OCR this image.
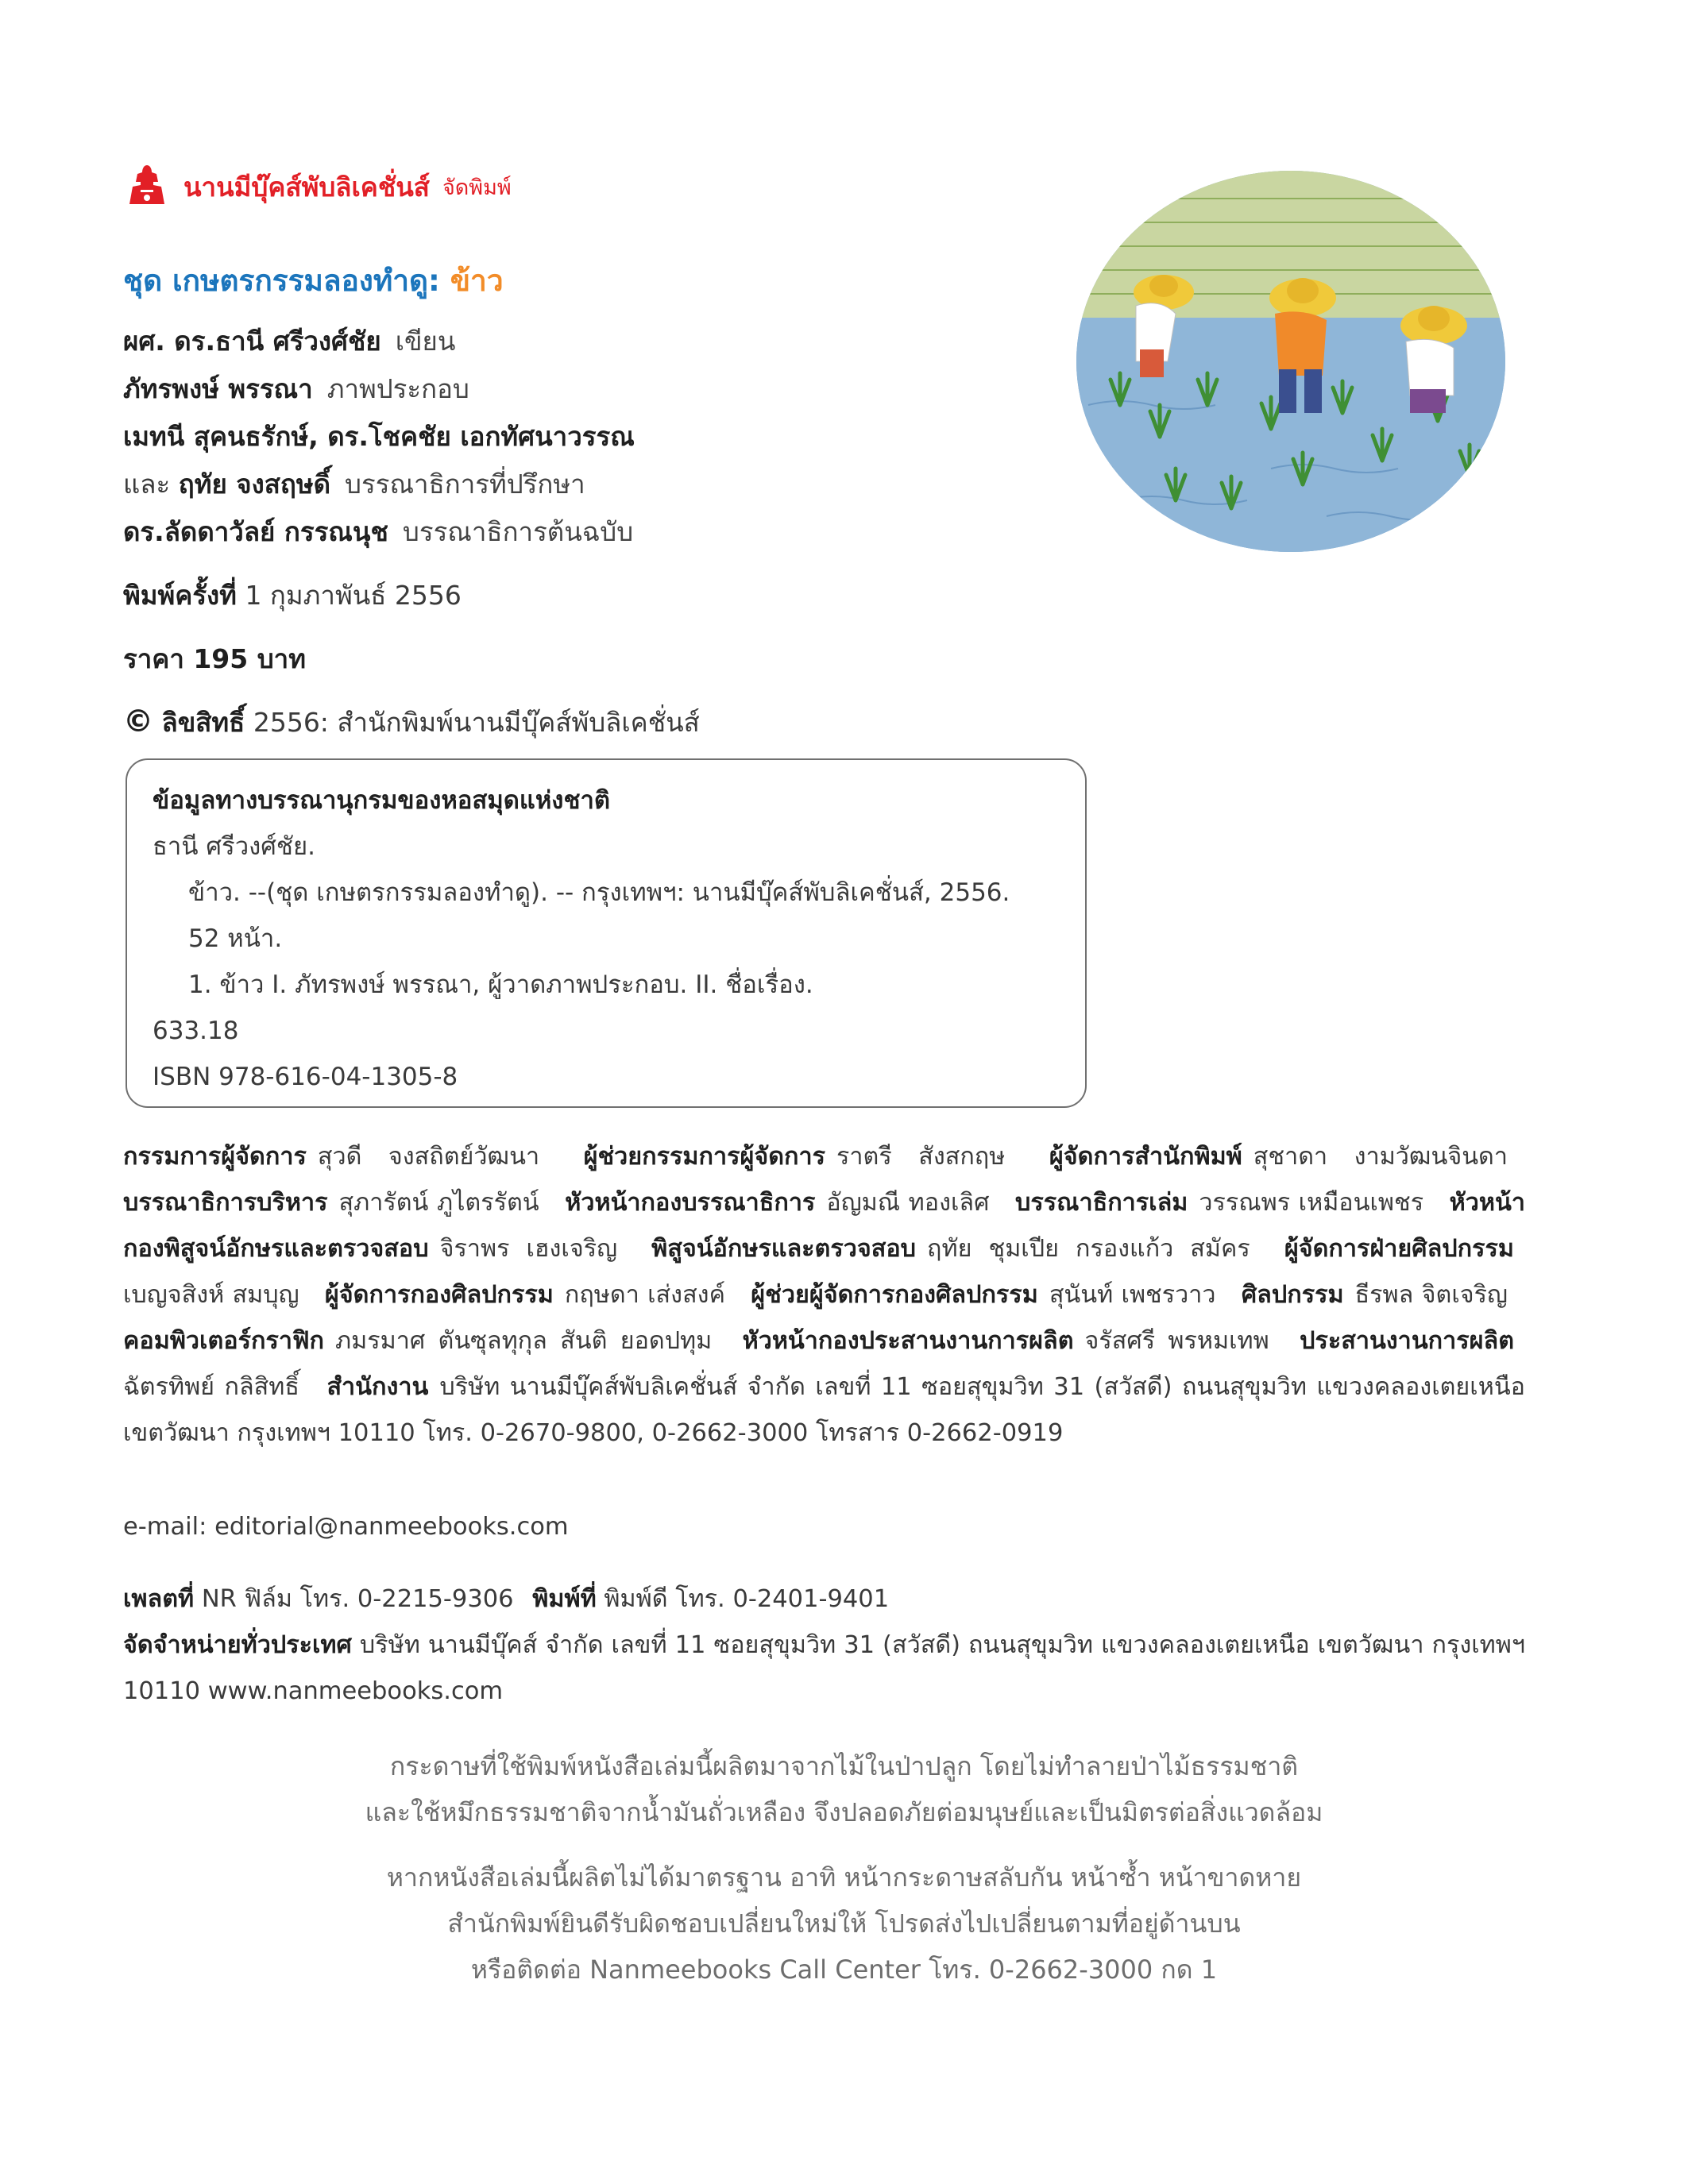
นานมีบุ๊คส์พับลิเคชั่นส์ จัดพิมพ์
ชุด เกษตรกรรมลองทำดู: ข้าว
ผศ. ดร.ธานี ศรีวงศ์ชัย เขียน
ภัทรพงษ์ พรรณา ภาพประกอบ
เมทนี สุคนธรักษ์, ดร.โชคชัย เอกทัศนาวรรณ
และ ฤทัย จงสฤษดิ์ บรรณาธิการที่ปรึกษา
ดร.ลัดดาวัลย์ กรรณนุช บรรณาธิการต้นฉบับ
พิมพ์ครั้งที่ 1 กุมภาพันธ์ 2556
ราคา 195 บาท
© ลิขสิทธิ์ 2556: สำนักพิมพ์นานมีบุ๊คส์พับลิเคชั่นส์
ข้อมูลทางบรรณานุกรมของหอสมุดแห่งชาติ
ธานี ศรีวงศ์ชัย.
ข้าว. --(ชุด เกษตรกรรมลองทำดู). -- กรุงเทพฯ: นานมีบุ๊คส์พับลิเคชั่นส์, 2556.
52 หน้า.
1. ข้าว I. ภัทรพงษ์ พรรณา, ผู้วาดภาพประกอบ. II. ชื่อเรื่อง.
633.18
ISBN 978-616-04-1305-8
กรรมการผู้จัดการ สุวดี จงสถิตย์วัฒนา ผู้ช่วยกรรมการผู้จัดการ ราตรี สังสกฤษ ผู้จัดการสำนักพิมพ์ สุชาดา งามวัฒนจินดา บรรณาธิการบริหาร สุภารัตน์ ภูไตรรัตน์ หัวหน้ากองบรรณาธิการ อัญมณี ทองเลิศ บรรณาธิการเล่ม วรรณพร เหมือนเพชร หัวหน้ากองพิสูจน์อักษรและตรวจสอบ จิราพร เฮงเจริญ พิสูจน์อักษรและตรวจสอบ ฤทัย ชุมเปีย กรองแก้ว สมัคร ผู้จัดการฝ่ายศิลปกรรมเบญจสิงห์ สมบุญ ผู้จัดการกองศิลปกรรม กฤษดา เส่งสงค์ ผู้ช่วยผู้จัดการกองศิลปกรรม สุนันท์ เพชรวาว ศิลปกรรม ธีรพล จิตเจริญ คอมพิวเตอร์กราฟิก ภมรมาศ ตันซุลทุกุล สันติ ยอดปทุม หัวหน้ากองประสานงานการผลิต จรัสศรี พรหมเทพ ประสานงานการผลิตฉัตรทิพย์ กลิสิทธิ์ สำนักงาน บริษัท นานมีบุ๊คส์พับลิเคชั่นส์ จำกัด เลขที่ 11 ซอยสุขุมวิท 31 (สวัสดี) ถนนสุขุมวิท แขวงคลองเตยเหนือ เขตวัฒนา กรุงเทพฯ 10110 โทร. 0-2670-9800, 0-2662-3000 โทรสาร 0-2662-0919
e-mail: editorial@nanmeebooks.com
เพลตที่ NR ฟิล์ม โทร. 0-2215-9306 พิมพ์ที่ พิมพ์ดี โทร. 0-2401-9401
จัดจำหน่ายทั่วประเทศ บริษัท นานมีบุ๊คส์ จำกัด เลขที่ 11 ซอยสุขุมวิท 31 (สวัสดี) ถนนสุขุมวิท แขวงคลองเตยเหนือ เขตวัฒนา กรุงเทพฯ 10110 www.nanmeebooks.com
กระดาษที่ใช้พิมพ์หนังสือเล่มนี้ผลิตมาจากไม้ในป่าปลูก โดยไม่ทำลายป่าไม้ธรรมชาติ
และใช้หมึกธรรมชาติจากน้ำมันถั่วเหลือง จึงปลอดภัยต่อมนุษย์และเป็นมิตรต่อสิ่งแวดล้อม
หากหนังสือเล่มนี้ผลิตไม่ได้มาตรฐาน อาทิ หน้ากระดาษสลับกัน หน้าซ้ำ หน้าขาดหาย
สำนักพิมพ์ยินดีรับผิดชอบเปลี่ยนใหม่ให้ โปรดส่งไปเปลี่ยนตามที่อยู่ด้านบน
หรือติดต่อ Nanmeebooks Call Center โทร. 0-2662-3000 กด 1
